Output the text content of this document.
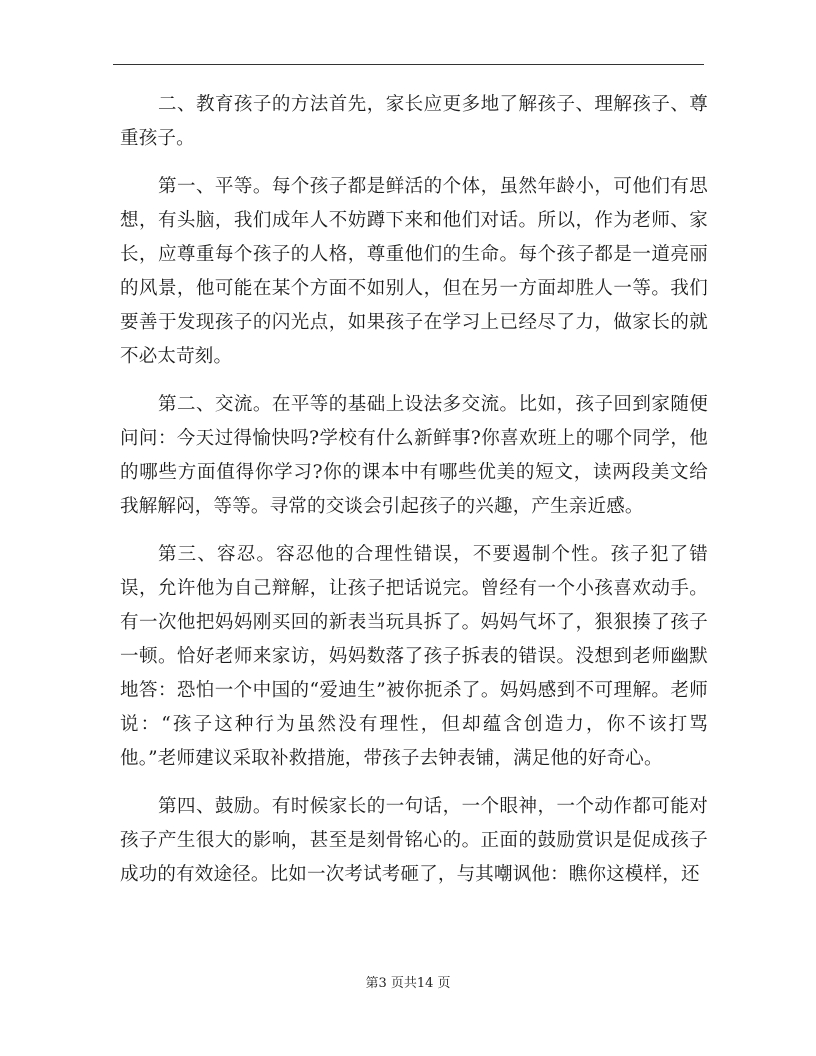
二、教育孩子的方法首先，家长应更多地了解孩子、理解孩子、尊重孩子。

第一、平等。每个孩子都是鲜活的个体，虽然年龄小，可他们有思想，有头脑，我们成年人不妨蹲下来和他们对话。所以，作为老师、家长，应尊重每个孩子的人格，尊重他们的生命。每个孩子都是一道亮丽的风景，他可能在某个方面不如别人，但在另一方面却胜人一等。我们要善于发现孩子的闪光点，如果孩子在学习上已经尽了力，做家长的就不必太苛刻。

第二、交流。在平等的基础上设法多交流。比如，孩子回到家随便问问：今天过得愉快吗?学校有什么新鲜事?你喜欢班上的哪个同学，他的哪些方面值得你学习?你的课本中有哪些优美的短文，读两段美文给我解解闷，等等。寻常的交谈会引起孩子的兴趣，产生亲近感。

第三、容忍。容忍他的合理性错误，不要遏制个性。孩子犯了错误，允许他为自己辩解，让孩子把话说完。曾经有一个小孩喜欢动手。有一次他把妈妈刚买回的新表当玩具拆了。妈妈气坏了，狠狠揍了孩子一顿。恰好老师来家访，妈妈数落了孩子拆表的错误。没想到老师幽默地答：恐怕一个中国的“爱迪生”被你扼杀了。妈妈感到不可理解。老师说：“孩子这种行为虽然没有理性，但却蕴含创造力，你不该打骂他。”老师建议采取补救措施，带孩子去钟表铺，满足他的好奇心。

第四、鼓励。有时候家长的一句话，一个眼神，一个动作都可能对孩子产生很大的影响，甚至是刻骨铭心的。正面的鼓励赏识是促成孩子成功的有效途径。比如一次考试考砸了，与其嘲讽他：瞧你这模样，还

第3 页共14 页
